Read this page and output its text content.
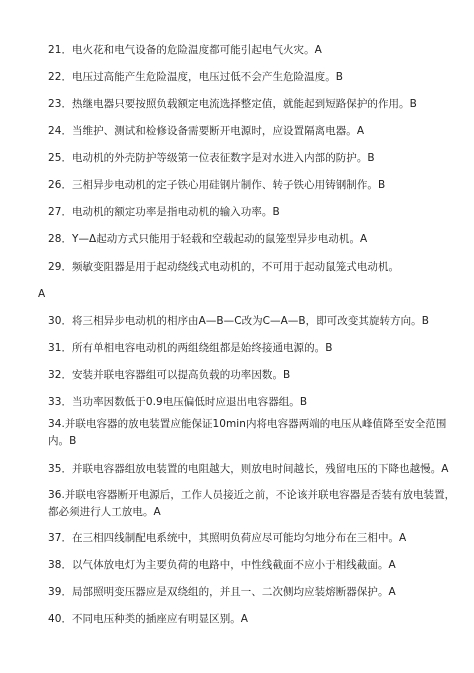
21．电火花和电气设备的危险温度都可能引起电气火灾。A
22．电压过高能产生危险温度，电压过低不会产生危险温度。B
23．热继电器只要按照负载额定电流选择整定值，就能起到短路保护的作用。B
24．当维护、测试和检修设备需要断开电源时，应设置隔离电器。A
25．电动机的外壳防护等级第一位表征数字是对水进入内部的防护。B
26．三相异步电动机的定子铁心用硅钢片制作、转子铁心用铸钢制作。B
27．电动机的额定功率是指电动机的输入功率。B
28．Y—Δ起动方式只能用于轻载和空载起动的鼠笼型异步电动机。A
29．频敏变阻器是用于起动绕线式电动机的，不可用于起动鼠笼式电动机。
A
30．将三相异步电动机的相序由A—B—C改为C—A—B，即可改变其旋转方向。B
31．所有单相电容电动机的两组绕组都是始终接通电源的。B
32．安装并联电容器组可以提高负载的功率因数。B
33．当功率因数低于0.9电压偏低时应退出电容器组。B
34.并联电容器的放电装置应能保证10min内将电容器两端的电压从峰值降至安全范围
内。B
35．并联电容器组放电装置的电阻越大，则放电时间越长，残留电压的下降也越慢。A
36.并联电容器断开电源后，工作人员接近之前，不论该并联电容器是否装有放电装置，
都必须进行人工放电。A
37．在三相四线制配电系统中，其照明负荷应尽可能均匀地分布在三相中。A
38．以气体放电灯为主要负荷的电路中，中性线截面不应小于相线截面。A
39．局部照明变压器应是双绕组的，并且一、二次侧均应装熔断器保护。A
40．不同电压种类的插座应有明显区别。A
